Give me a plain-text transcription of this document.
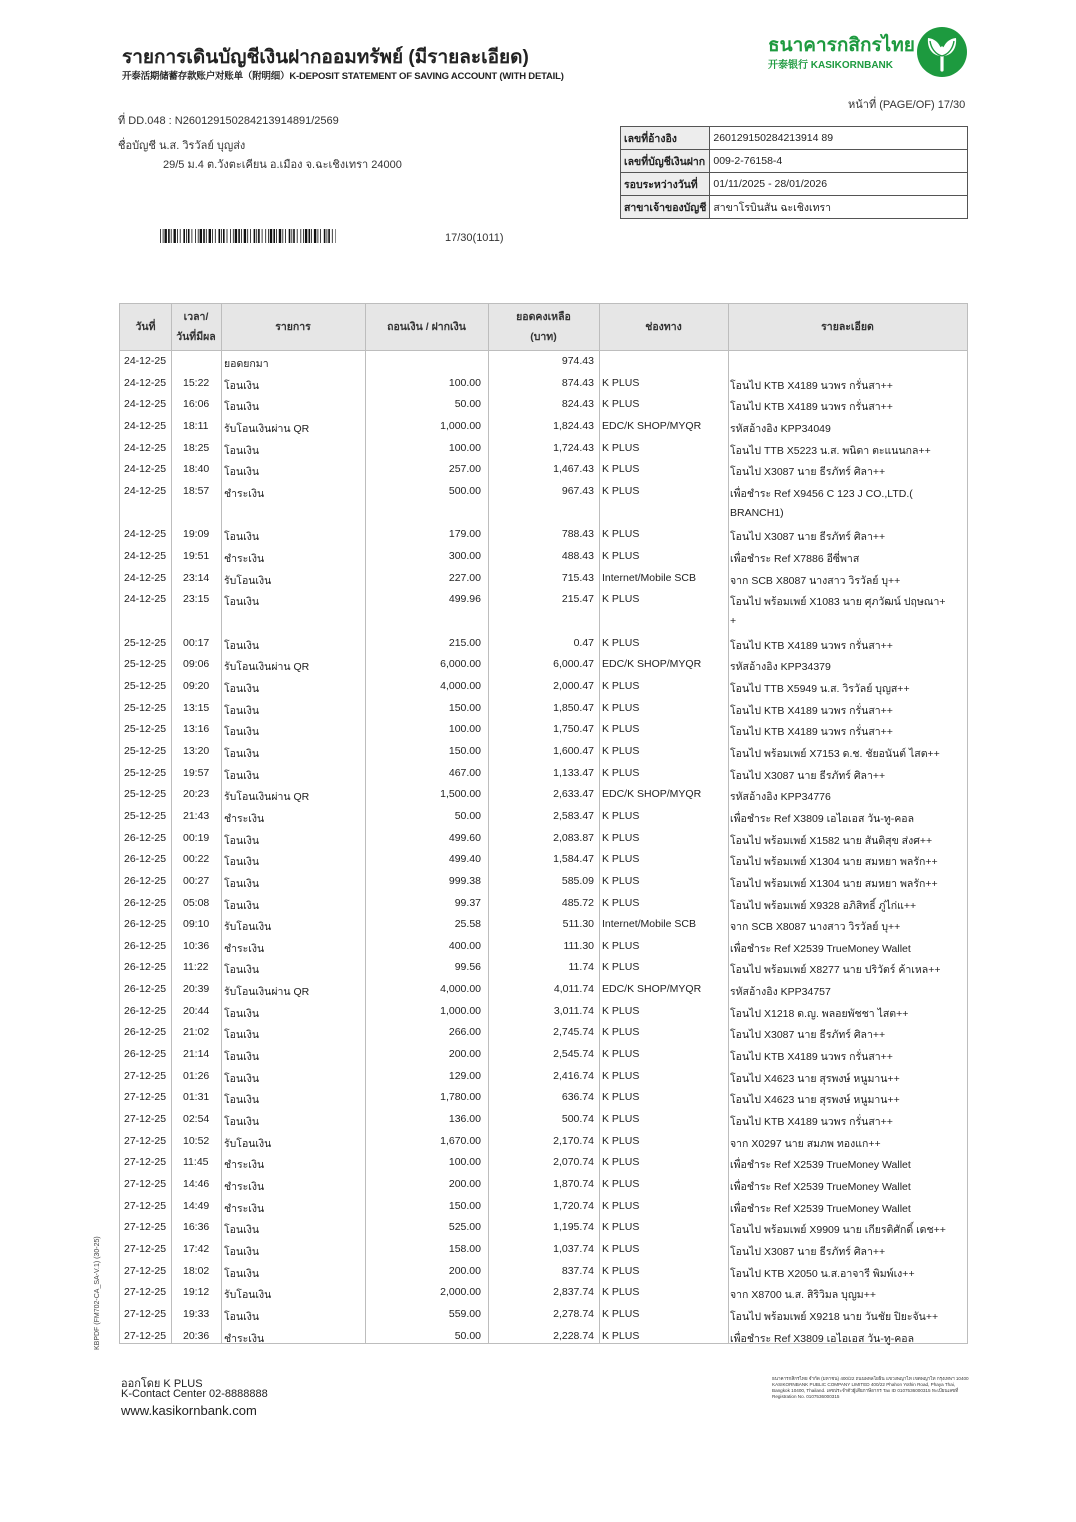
รายการเดินบัญชีเงินฝากออมทรัพย์ (มีรายละเอียด)
开泰活期储蓄存款账户对账单（附明细）K-DEPOSIT STATEMENT OF SAVING ACCOUNT (WITH DETAIL)
ธนาคารกสิกรไทย
开泰银行 KASIKORNBANK
หน้าที่ (PAGE/OF) 17/30
ที่ DD.048 : N260129150284213914891/2569
ชื่อบัญชี น.ส. วิรวัลย์ บุญส่ง
29/5 ม.4 ต.วังตะเคียน อ.เมือง จ.ฉะเชิงเทรา 24000
17/30(1011)
เลขที่อ้างอิง	260129150284213914 89
เลขที่บัญชีเงินฝาก	009-2-76158-4
รอบระหว่างวันที่	01/11/2025 - 28/01/2026
สาขาเจ้าของบัญชี	สาขาโรบินสัน ฉะเชิงเทรา
วันที่
เวลา/
วันที่มีผล
รายการ	ถอนเงิน / ฝากเงิน
ยอดคงเหลือ
(บาท)
ช่องทาง	รายละเอียด
24-12-25	ยอดยกมา	974.43
24-12-25 15:22 โอนเงิน	100.00	874.43 K PLUS	โอนไป KTB X4189 นวพร กรั่นสา++
24-12-25 16:06 โอนเงิน	50.00	824.43 K PLUS	โอนไป KTB X4189 นวพร กรั่นสา++
24-12-25 18:11 รับโอนเงินผ่าน QR	1,000.00	1,824.43 EDC/K SHOP/MYQR	รหัสอ้างอิง KPP34049
24-12-25 18:25 โอนเงิน	100.00	1,724.43 K PLUS	โอนไป TTB X5223 น.ส. พนิดา ตะแนนกล++
24-12-25 18:40 โอนเงิน	257.00	1,467.43 K PLUS	โอนไป X3087 นาย ธีรภัทร์ ศิลา++
24-12-25 18:57 ชำระเงิน	500.00	967.43 K PLUS	เพื่อชำระ Ref X9456 C 123 J CO.,LTD.(
BRANCH1)
24-12-25 19:09 โอนเงิน	179.00	788.43 K PLUS	โอนไป X3087 นาย ธีรภัทร์ ศิลา++
24-12-25 19:51 ชำระเงิน	300.00	488.43 K PLUS	เพื่อชำระ Ref X7886 อีซี่พาส
24-12-25 23:14 รับโอนเงิน	227.00	715.43 Internet/Mobile SCB	จาก SCB X8087 นางสาว วิรวัลย์ บุ++
24-12-25 23:15 โอนเงิน	499.96	215.47 K PLUS	โอนไป พร้อมเพย์ X1083 นาย ศุภวัฒน์ ปฤษณา+
+
25-12-25 00:17 โอนเงิน	215.00	0.47 K PLUS	โอนไป KTB X4189 นวพร กรั่นสา++
25-12-25 09:06 รับโอนเงินผ่าน QR	6,000.00	6,000.47 EDC/K SHOP/MYQR	รหัสอ้างอิง KPP34379
25-12-25 09:20 โอนเงิน	4,000.00	2,000.47 K PLUS	โอนไป TTB X5949 น.ส. วิรวัลย์ บุญส++
25-12-25 13:15 โอนเงิน	150.00	1,850.47 K PLUS	โอนไป KTB X4189 นวพร กรั่นสา++
25-12-25 13:16 โอนเงิน	100.00	1,750.47 K PLUS	โอนไป KTB X4189 นวพร กรั่นสา++
25-12-25 13:20 โอนเงิน	150.00	1,600.47 K PLUS	โอนไป พร้อมเพย์ X7153 ด.ช. ชัยอนันต์ ไสต++
25-12-25 19:57 โอนเงิน	467.00	1,133.47 K PLUS	โอนไป X3087 นาย ธีรภัทร์ ศิลา++
25-12-25 20:23 รับโอนเงินผ่าน QR	1,500.00	2,633.47 EDC/K SHOP/MYQR	รหัสอ้างอิง KPP34776
25-12-25 21:43 ชำระเงิน	50.00	2,583.47 K PLUS	เพื่อชำระ Ref X3809 เอไอเอส วัน-ทู-คอล
26-12-25 00:19 โอนเงิน	499.60	2,083.87 K PLUS	โอนไป พร้อมเพย์ X1582 นาย สันติสุข ส่งศ++
26-12-25 00:22 โอนเงิน	499.40	1,584.47 K PLUS	โอนไป พร้อมเพย์ X1304 นาย สมหยา พลรัก++
26-12-25 00:27 โอนเงิน	999.38	585.09 K PLUS	โอนไป พร้อมเพย์ X1304 นาย สมหยา พลรัก++
26-12-25 05:08 โอนเงิน	99.37	485.72 K PLUS	โอนไป พร้อมเพย์ X9328 อภิสิทธิ์ ภู่ไก่แ++
26-12-25 09:10 รับโอนเงิน	25.58	511.30 Internet/Mobile SCB	จาก SCB X8087 นางสาว วิรวัลย์ บุ++
26-12-25 10:36 ชำระเงิน	400.00	111.30 K PLUS	เพื่อชำระ Ref X2539 TrueMoney Wallet
26-12-25 11:22 โอนเงิน	99.56	11.74 K PLUS	โอนไป พร้อมเพย์ X8277 นาย ปริวัตร์ ค้าเหล++
26-12-25 20:39 รับโอนเงินผ่าน QR	4,000.00	4,011.74 EDC/K SHOP/MYQR	รหัสอ้างอิง KPP34757
26-12-25 20:44 โอนเงิน	1,000.00	3,011.74 K PLUS	โอนไป X1218 ด.ญ. พลอยพัชชา ไสต++
26-12-25 21:02 โอนเงิน	266.00	2,745.74 K PLUS	โอนไป X3087 นาย ธีรภัทร์ ศิลา++
26-12-25 21:14 โอนเงิน	200.00	2,545.74 K PLUS	โอนไป KTB X4189 นวพร กรั่นสา++
27-12-25 01:26 โอนเงิน	129.00	2,416.74 K PLUS	โอนไป X4623 นาย สุรพงษ์ หนูมาน++
27-12-25 01:31 โอนเงิน	1,780.00	636.74 K PLUS	โอนไป X4623 นาย สุรพงษ์ หนูมาน++
27-12-25 02:54 โอนเงิน	136.00	500.74 K PLUS	โอนไป KTB X4189 นวพร กรั่นสา++
27-12-25 10:52 รับโอนเงิน	1,670.00	2,170.74 K PLUS	จาก X0297 นาย สมภพ ทองแก++
27-12-25 11:45 ชำระเงิน	100.00	2,070.74 K PLUS	เพื่อชำระ Ref X2539 TrueMoney Wallet
27-12-25 14:46 ชำระเงิน	200.00	1,870.74 K PLUS	เพื่อชำระ Ref X2539 TrueMoney Wallet
27-12-25 14:49 ชำระเงิน	150.00	1,720.74 K PLUS	เพื่อชำระ Ref X2539 TrueMoney Wallet
27-12-25 16:36 โอนเงิน	525.00	1,195.74 K PLUS	โอนไป พร้อมเพย์ X9909 นาย เกียรติศักดิ์ เดช++
27-12-25 17:42 โอนเงิน	158.00	1,037.74 K PLUS	โอนไป X3087 นาย ธีรภัทร์ ศิลา++
27-12-25 18:02 โอนเงิน	200.00	837.74 K PLUS	โอนไป KTB X2050 น.ส.อาจารี พิมพ์เง++
27-12-25 19:12 รับโอนเงิน	2,000.00	2,837.74 K PLUS	จาก X8700 น.ส. สิริวิมล บุญม++
27-12-25 19:33 โอนเงิน	559.00	2,278.74 K PLUS	โอนไป พร้อมเพย์ X9218 นาย วันชัย ปิยะจัน++
27-12-25 20:36 ชำระเงิน	50.00	2,228.74 K PLUS	เพื่อชำระ Ref X3809 เอไอเอส วัน-ทู-คอล
KBPDF (FM702-CA_SA-V.1) (30-25)
ออกโดย K PLUS
K-Contact Center 02-8888888
www.kasikornbank.com
ธนาคารกสิกรไทย จำกัด (มหาชน) 400/22 ถนนพหลโยธิน แขวงพญาไท เขตพญาไท กรุงเทพฯ 10400 KASIKORNBANK PUBLIC COMPANY LIMITED 400/22 Phahon Yothin Road, Phaya Thai, Bangkok 10400, Thailand. เลขประจำตัวผู้เสียภาษีอากร Tax ID 0107536000315 ทะเบียนเลขที่ Registration No. 0107536000315
